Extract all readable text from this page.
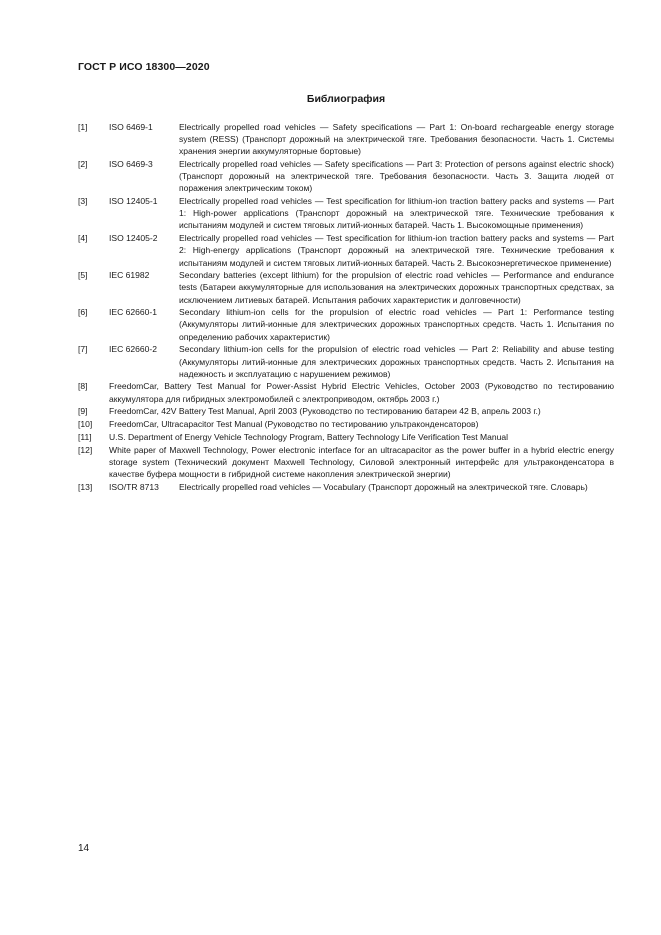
ГОСТ Р ИСО 18300—2020
Библиография
[1]	ISO 6469-1	Electrically propelled road vehicles — Safety specifications — Part 1: On-board rechargeable energy storage system (RESS) (Транспорт дорожный на электрической тяге. Требования безопасности. Часть 1. Системы хранения энергии аккумуляторные бортовые)
[2]	ISO 6469-3	Electrically propelled road vehicles — Safety specifications — Part 3: Protection of persons against electric shock) (Транспорт дорожный на электрической тяге. Требования безопасности. Часть 3. Защита людей от поражения электрическим током)
[3]	ISO 12405-1	Electrically propelled road vehicles — Test specification for lithium-ion traction battery packs and systems — Part 1: High-power applications (Транспорт дорожный на электрической тяге. Технические требования к испытаниям модулей и систем тяговых литий-ионных батарей. Часть 1. Высокомощные применения)
[4]	ISO 12405-2	Electrically propelled road vehicles — Test specification for lithium-ion traction battery packs and systems — Part 2: High-energy applications (Транспорт дорожный на электрической тяге. Технические требования к испытаниям модулей и систем тяговых литий-ионных батарей. Часть 2. Высокоэнергетическое применение)
[5]	IEC 61982	Secondary batteries (except lithium) for the propulsion of electric road vehicles — Performance and endurance tests (Батареи аккумуляторные для использования на электрических дорожных транспортных средствах, за исключением литиевых батарей. Испытания рабочих характеристик и долговечности)
[6]	IEC 62660-1	Secondary lithium-ion cells for the propulsion of electric road vehicles — Part 1: Performance testing (Аккумуляторы литий-ионные для электрических дорожных транспортных средств. Часть 1. Испытания по определению рабочих характеристик)
[7]	IEC 62660-2	Secondary lithium-ion cells for the propulsion of electric road vehicles — Part 2: Reliability and abuse testing (Аккумуляторы литий-ионные для электрических дорожных транспортных средств. Часть 2. Испытания на надежность и эксплуатацию с нарушением режимов)
[8]	FreedomCar, Battery Test Manual for Power-Assist Hybrid Electric Vehicles, October 2003 (Руководство по тестированию аккумулятора для гибридных электромобилей с электроприводом, октябрь 2003 г.)
[9]	FreedomCar, 42V Battery Test Manual, April 2003 (Руководство по тестированию батареи 42 В, апрель 2003 г.)
[10]	FreedomCar, Ultracapacitor Test Manual (Руководство по тестированию ультраконденсаторов)
[11]	U.S. Department of Energy Vehicle Technology Program, Battery Technology Life Verification Test Manual
[12]	White paper of Maxwell Technology, Power electronic interface for an ultracapacitor as the power buffer in a hybrid electric energy storage system (Технический документ Maxwell Technology, Силовой электронный интерфейс для ультраконденсатора в качестве буфера мощности в гибридной системе накопления электрической энергии)
[13]	ISO/TR 8713	Electrically propelled road vehicles — Vocabulary (Транспорт дорожный на электрической тяге. Словарь)
14
